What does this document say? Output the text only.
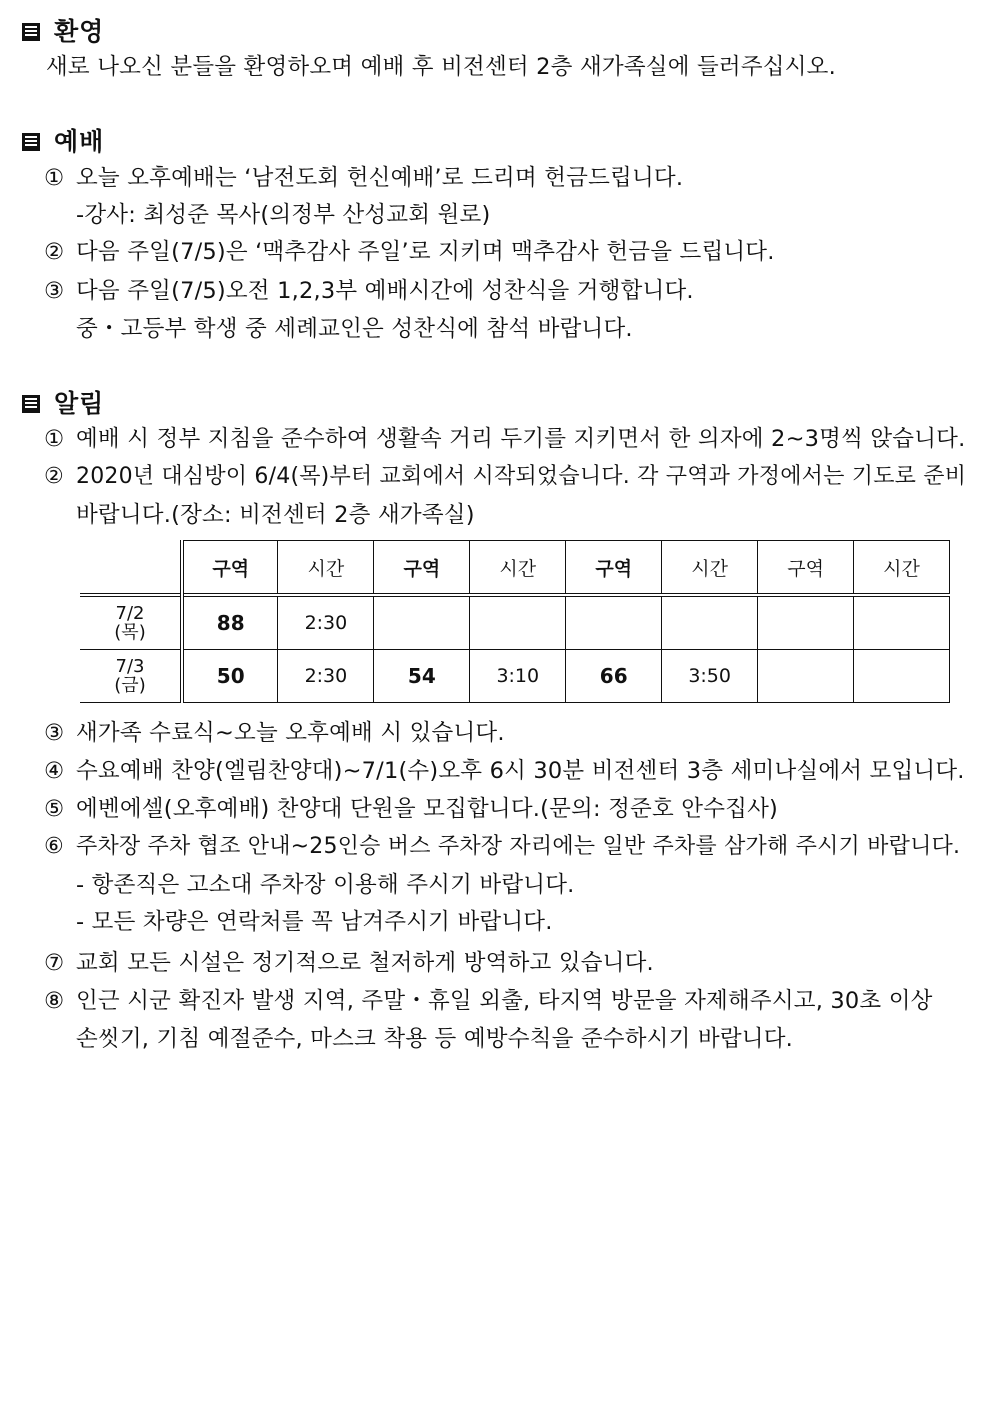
환영
새로 나오신 분들을 환영하오며 예배 후 비전센터 2층 새가족실에 들러주십시오.
예배
① 오늘 오후예배는 ‘남전도회 헌신예배’로 드리며 헌금드립니다.
-강사: 최성준 목사(의정부 산성교회 원로)
② 다음 주일(7/5)은 ‘맥추감사 주일’로 지키며 맥추감사 헌금을 드립니다.
③ 다음 주일(7/5)오전 1,2,3부 예배시간에 성찬식을 거행합니다.
중・고등부 학생 중 세례교인은 성찬식에 참석 바랍니다.
알림
① 예배 시 정부 지침을 준수하여 생활속 거리 두기를 지키면서 한 의자에 2~3명씩 앉습니다.
② 2020년 대심방이 6/4(목)부터 교회에서 시작되었습니다. 각 구역과 가정에서는 기도로 준비
바랍니다.(장소: 비전센터 2층 새가족실)
	구역	시간	구역	시간	구역	시간	구역	시간
7/2
(목)	88	2:30						
7/3
(금)	50	2:30	54	3:10	66	3:50		
③ 새가족 수료식~오늘 오후예배 시 있습니다.
④ 수요예배 찬양(엘림찬양대)~7/1(수)오후 6시 30분 비전센터 3층 세미나실에서 모입니다.
⑤ 에벤에셀(오후예배) 찬양대 단원을 모집합니다.(문의: 정준호 안수집사)
⑥ 주차장 주차 협조 안내~25인승 버스 주차장 자리에는 일반 주차를 삼가해 주시기 바랍니다.
- 항존직은 고소대 주차장 이용해 주시기 바랍니다.
- 모든 차량은 연락처를 꼭 남겨주시기 바랍니다.
⑦ 교회 모든 시설은 정기적으로 철저하게 방역하고 있습니다.
⑧ 인근 시군 확진자 발생 지역, 주말・휴일 외출, 타지역 방문을 자제해주시고, 30초 이상
손씻기, 기침 예절준수, 마스크 착용 등 예방수칙을 준수하시기 바랍니다.
